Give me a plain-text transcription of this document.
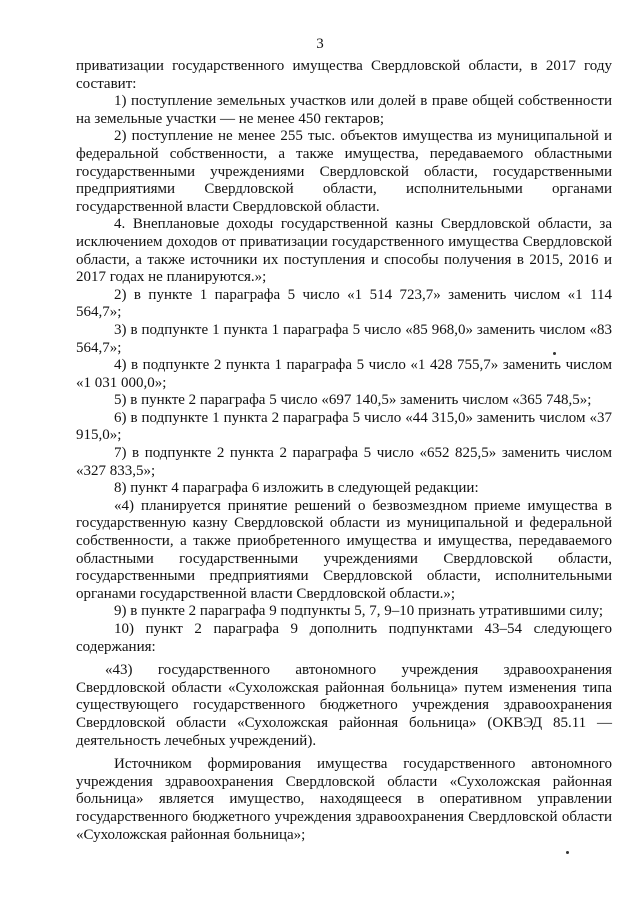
3

приватизации государственного имущества Свердловской области, в 2017 году составит:

1) поступление земельных участков или долей в праве общей собственности на земельные участки — не менее 450 гектаров;

2) поступление не менее 255 тыс. объектов имущества из муниципальной и федеральной собственности, а также имущества, передаваемого областными государственными учреждениями Свердловской области, государственными предприятиями Свердловской области, исполнительными органами государственной власти Свердловской области.

4. Внеплановые доходы государственной казны Свердловской области, за исключением доходов от приватизации государственного имущества Свердловской области, а также источники их поступления и способы получения в 2015, 2016 и 2017 годах не планируются.»;

2) в пункте 1 параграфа 5 число «1 514 723,7» заменить числом «1 114 564,7»;

3) в подпункте 1 пункта 1 параграфа 5 число «85 968,0» заменить числом «83 564,7»;

4) в подпункте 2 пункта 1 параграфа 5 число «1 428 755,7» заменить числом «1 031 000,0»;

5) в пункте 2 параграфа 5 число «697 140,5» заменить числом «365 748,5»;

6) в подпункте 1 пункта 2 параграфа 5 число «44 315,0» заменить числом «37 915,0»;

7) в подпункте 2 пункта 2 параграфа 5 число «652 825,5» заменить числом «327 833,5»;

8) пункт 4 параграфа 6 изложить в следующей редакции:

«4) планируется принятие решений о безвозмездном приеме имущества в государственную казну Свердловской области из муниципальной и федеральной собственности, а также приобретенного имущества и имущества, передаваемого областными государственными учреждениями Свердловской области, государственными предприятиями Свердловской области, исполнительными органами государственной власти Свердловской области.»;

9) в пункте 2 параграфа 9 подпункты 5, 7, 9–10 признать утратившими силу;

10) пункт 2 параграфа 9 дополнить подпунктами 43–54 следующего содержания:

«43) государственного автономного учреждения здравоохранения Свердловской области «Сухоложская районная больница» путем изменения типа существующего государственного бюджетного учреждения здравоохранения Свердловской области «Сухоложская районная больница» (ОКВЭД 85.11 — деятельность лечебных учреждений).

Источником формирования имущества государственного автономного учреждения здравоохранения Свердловской области «Сухоложская районная больница» является имущество, находящееся в оперативном управлении государственного бюджетного учреждения здравоохранения Свердловской области «Сухоложская районная больница»;
